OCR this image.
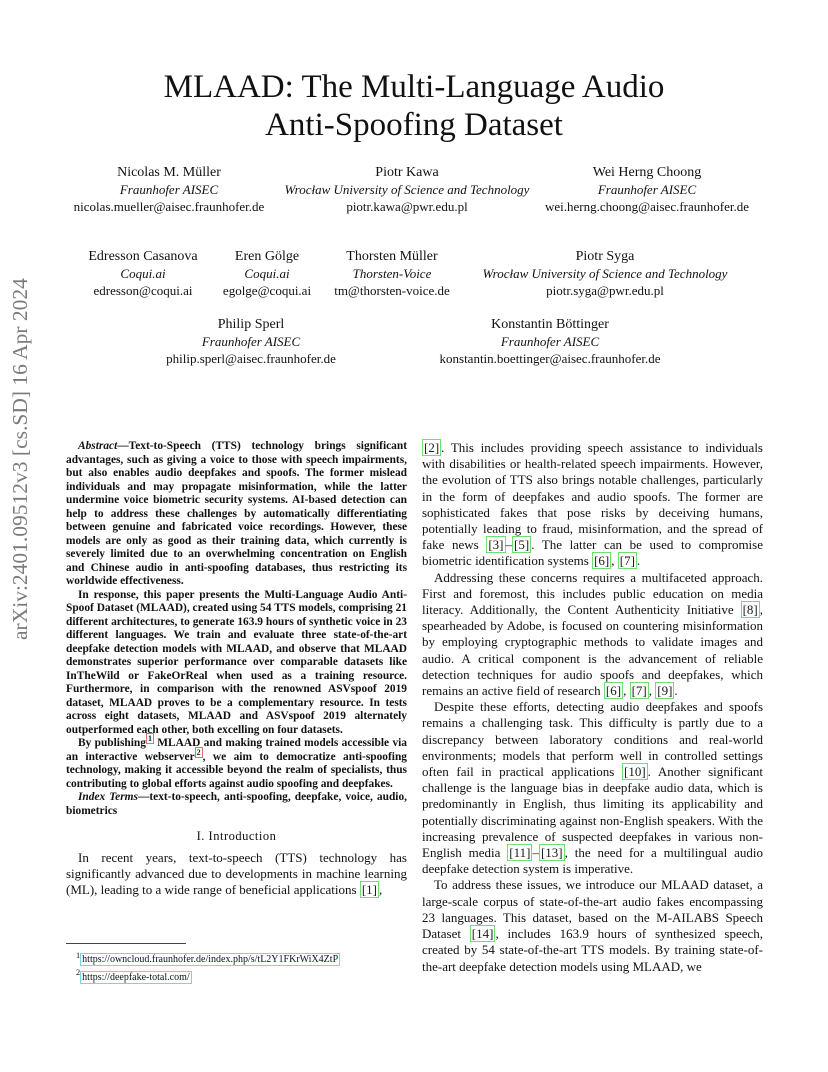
arXiv:2401.09512v3 [cs.SD] 16 Apr 2024
MLAAD: The Multi-Language Audio
Anti-Spoofing Dataset
Nicolas M. Müller
Fraunhofer AISEC
nicolas.mueller@aisec.fraunhofer.de
Piotr Kawa
Wrocław University of Science and Technology
piotr.kawa@pwr.edu.pl
Wei Herng Choong
Fraunhofer AISEC
wei.herng.choong@aisec.fraunhofer.de
Edresson Casanova
Coqui.ai
edresson@coqui.ai
Eren Gölge
Coqui.ai
egolge@coqui.ai
Thorsten Müller
Thorsten-Voice
tm@thorsten-voice.de
Piotr Syga
Wrocław University of Science and Technology
piotr.syga@pwr.edu.pl
Philip Sperl
Fraunhofer AISEC
philip.sperl@aisec.fraunhofer.de
Konstantin Böttinger
Fraunhofer AISEC
konstantin.boettinger@aisec.fraunhofer.de

Abstract—Text-to-Speech (TTS) technology brings significant advantages, such as giving a voice to those with speech impairments, but also enables audio deepfakes and spoofs. The former mislead individuals and may propagate misinformation, while the latter undermine voice biometric security systems. AI-based detection can help to address these challenges by automatically differentiating between genuine and fabricated voice recordings. However, these models are only as good as their training data, which currently is severely limited due to an overwhelming concentration on English and Chinese audio in anti-spoofing databases, thus restricting its worldwide effectiveness.

In response, this paper presents the Multi-Language Audio Anti-Spoof Dataset (MLAAD), created using 54 TTS models, comprising 21 different architectures, to generate 163.9 hours of synthetic voice in 23 different languages. We train and evaluate three state-of-the-art deepfake detection models with MLAAD, and observe that MLAAD demonstrates superior performance over comparable datasets like InTheWild or FakeOrReal when used as a training resource. Furthermore, in comparison with the renowned ASVspoof 2019 dataset, MLAAD proves to be a complementary resource. In tests across eight datasets, MLAAD and ASVspoof 2019 alternately outperformed each other, both excelling on four datasets.

By publishing $^1$ MLAAD and making trained models accessible via an interactive webserver $^2$ , we aim to democratize anti-spoofing technology, making it accessible beyond the realm of specialists, thus contributing to global efforts against audio spoofing and deepfakes.

Index Terms—text-to-speech, anti-spoofing, deepfake, voice, audio, biometrics

I. Introduction

In recent years, text-to-speech (TTS) technology has significantly advanced due to developments in machine learning (ML), leading to a wide range of beneficial applications [1] ,

[2] . This includes providing speech assistance to individuals with disabilities or health-related speech impairments. However, the evolution of TTS also brings notable challenges, particularly in the form of deepfakes and audio spoofs. The former are sophisticated fakes that pose risks by deceiving humans, potentially leading to fraud, misinformation, and the spread of fake news [3] – [5] . The latter can be used to compromise biometric identification systems [6] , [7] .

Addressing these concerns requires a multifaceted approach. First and foremost, this includes public education on media literacy. Additionally, the Content Authenticity Initiative [8] , spearheaded by Adobe, is focused on countering misinformation by employing cryptographic methods to validate images and audio. A critical component is the advancement of reliable detection techniques for audio spoofs and deepfakes, which remains an active field of research [6] , [7] , [9] .

Despite these efforts, detecting audio deepfakes and spoofs remains a challenging task. This difficulty is partly due to a discrepancy between laboratory conditions and real-world environments; models that perform well in controlled settings often fail in practical applications [10] . Another significant challenge is the language bias in deepfake audio data, which is predominantly in English, thus limiting its applicability and potentially discriminating against non-English speakers. With the increasing prevalence of suspected deepfakes in various non-English media [11] – [13] , the need for a multilingual audio deepfake detection system is imperative.

To address these issues, we introduce our MLAAD dataset, a large-scale corpus of state-of-the-art audio fakes encompassing 23 languages. This dataset, based on the M-AILABS Speech Dataset [14] , includes 163.9 hours of synthesized speech, created by 54 state-of-the-art TTS models. By training state-of-the-art deepfake detection models using MLAAD, we

$^1$ https://owncloud.fraunhofer.de/index.php/s/tL2Y1FKrWiX4ZtP
$^2$ https://deepfake-total.com/
